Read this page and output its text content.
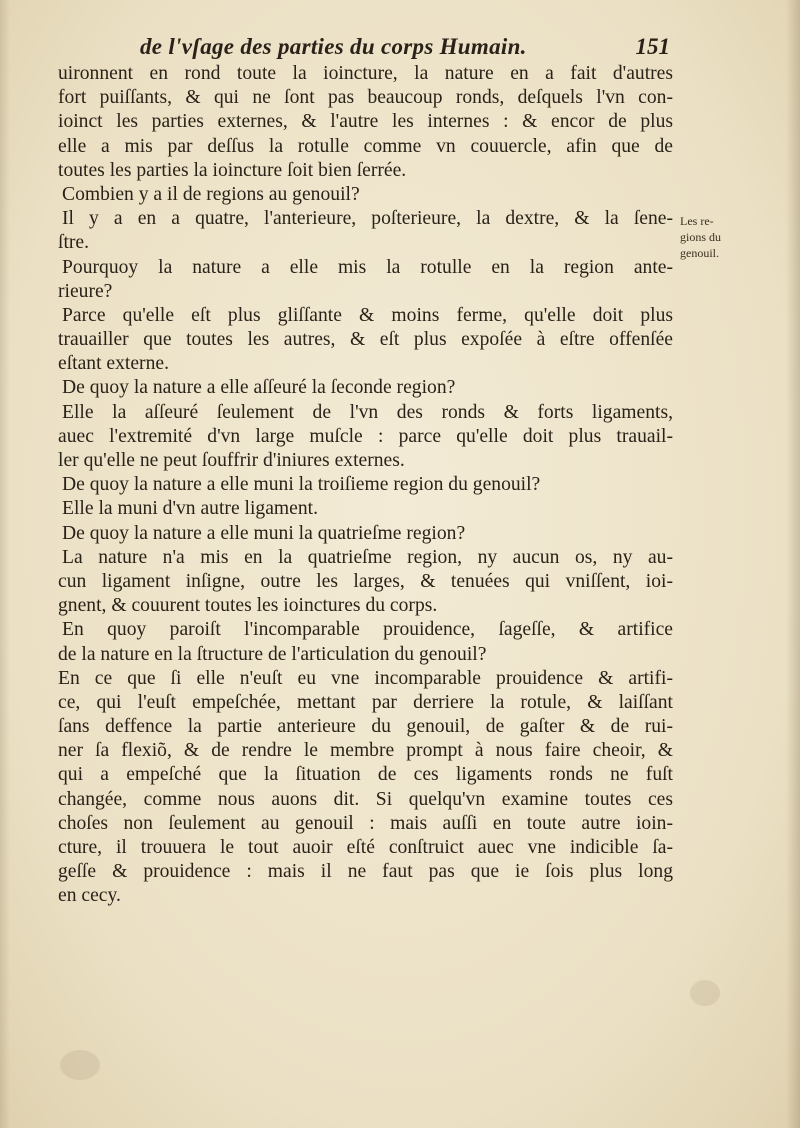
de l'vſage des parties du corps Humain.	151
Les re-
gions du
genouil.
uironnent en rond toute la ioincture, la nature en a fait d'autres
fort puiſſants, & qui ne ſont pas beaucoup ronds, deſquels l'vn con-
ioinct les parties externes, & l'autre les internes : & encor de plus
elle a mis par deſſus la rotulle comme vn couuercle, afin que de
toutes les parties la ioincture ſoit bien ſerrée.
Combien y a il de regions au genouil?
Il y a en a quatre, l'anterieure, poſterieure, la dextre, & la ſene-
ſtre.
Pourquoy la nature a elle mis la rotulle en la region ante-
rieure?
Parce qu'elle eſt plus gliſſante & moins ferme, qu'elle doit plus
trauailler que toutes les autres, & eſt plus expoſée à eſtre offenſée
eſtant externe.
De quoy la nature a elle aſſeuré la ſeconde region?
Elle la aſſeuré ſeulement de l'vn des ronds & forts ligaments,
auec l'extremité d'vn large muſcle : parce qu'elle doit plus trauail-
ler qu'elle ne peut ſouffrir d'iniures externes.
De quoy la nature a elle muni la troiſieme region du genouil?
Elle la muni d'vn autre ligament.
De quoy la nature a elle muni la quatrieſme region?
La nature n'a mis en la quatrieſme region, ny aucun os, ny au-
cun ligament inſigne, outre les larges, & tenuées qui vniſſent, ioi-
gnent, & couurent toutes les ioinctures du corps.
En quoy paroiſt l'incomparable prouidence, ſageſſe, & artifice
de la nature en la ſtructure de l'articulation du genouil?
En ce que ſi elle n'euſt eu vne incomparable prouidence & artifi-
ce, qui l'euſt empeſchée, mettant par derriere la rotule, & laiſſant
ſans deffence la partie anterieure du genouil, de gaſter & de rui-
ner ſa flexiõ, & de rendre le membre prompt à nous faire cheoir, &
qui a empeſché que la ſituation de ces ligaments ronds ne fuſt
changée, comme nous auons dit. Si quelqu'vn examine toutes ces
choſes non ſeulement au genouil : mais auſſi en toute autre ioin-
cture, il trouuera le tout auoir eſté conſtruict auec vne indicible ſa-
geſſe & prouidence : mais il ne faut pas que ie ſois plus long
en cecy.
